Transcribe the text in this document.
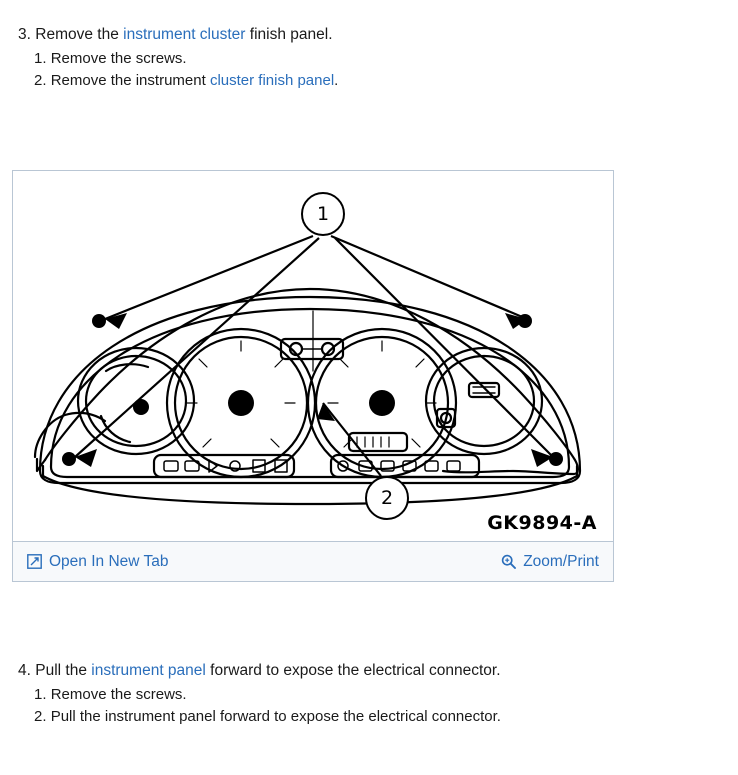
3. Remove the instrument cluster finish panel.
1. Remove the screws.
2. Remove the instrument cluster finish panel.
1
2
GK9894-A
Open In New Tab	Zoom/Print
4. Pull the instrument panel forward to expose the electrical connector.
1. Remove the screws.
2. Pull the instrument panel forward to expose the electrical connector.
